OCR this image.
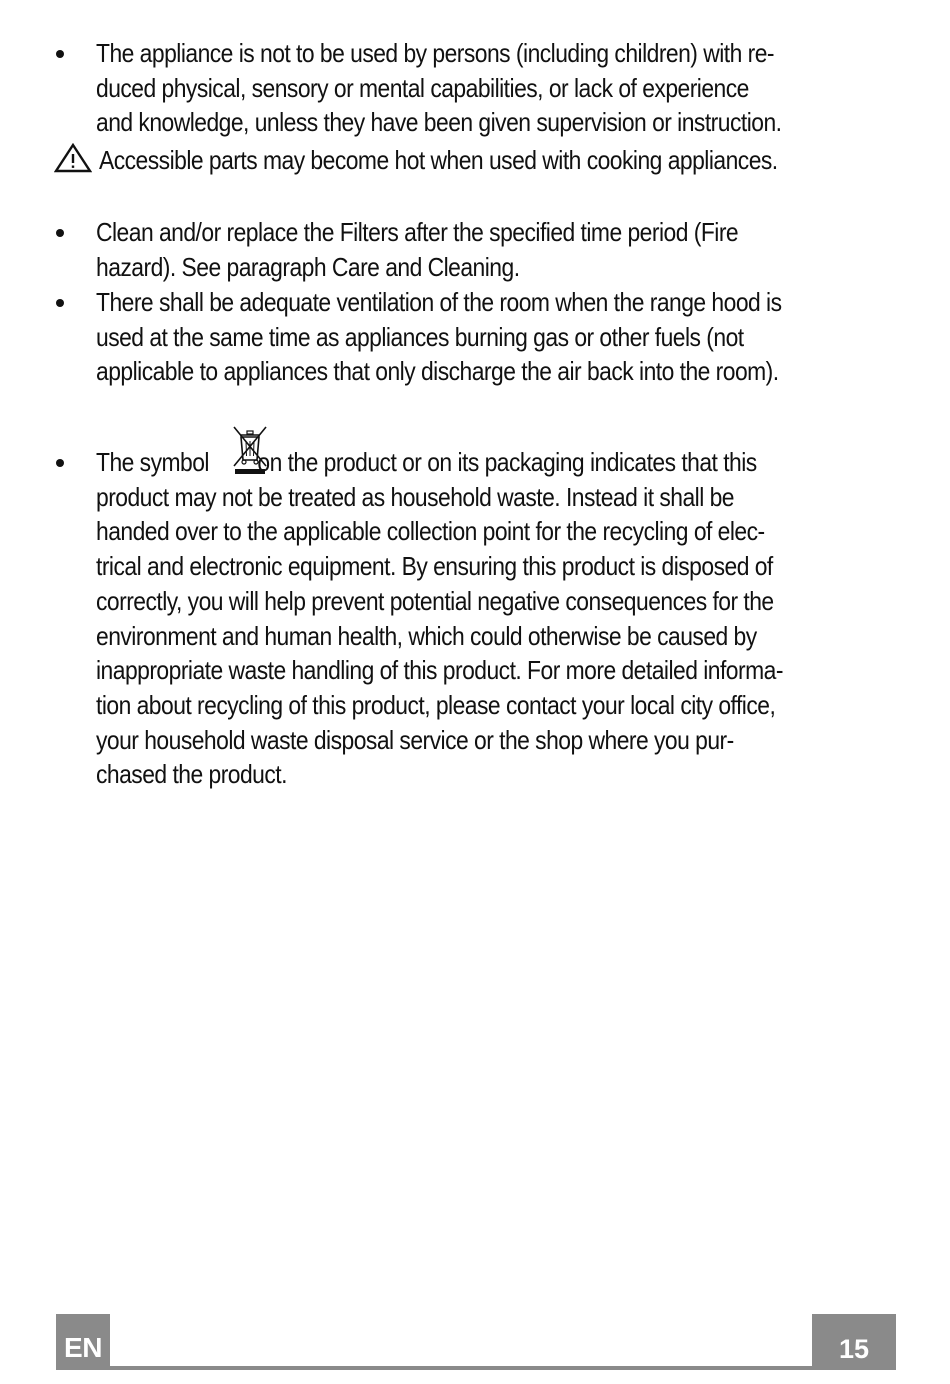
The appliance is not to be used by persons (including children) with re-
duced physical, sensory or mental capabilities, or lack of experience
and knowledge, unless they have been given supervision or instruction.
Accessible parts may become hot when used with cooking appliances.
Clean and/or replace the Filters after the specified time period (Fire
hazard). See paragraph Care and Cleaning.
There shall be adequate ventilation of the room when the range hood is
used at the same time as appliances burning gas or other fuels (not
applicable to appliances that only discharge the air back into the room).
The symbol on the product or on its packaging indicates that this
product may not be treated as household waste. Instead it shall be
handed over to the applicable collection point for the recycling of elec-
trical and electronic equipment. By ensuring this product is disposed of
correctly, you will help prevent potential negative consequences for the
environment and human health, which could otherwise be caused by
inappropriate waste handling of this product. For more detailed informa-
tion about recycling of this product, please contact your local city office,
your household waste disposal service or the shop where you pur-
chased the product.
EN	15
